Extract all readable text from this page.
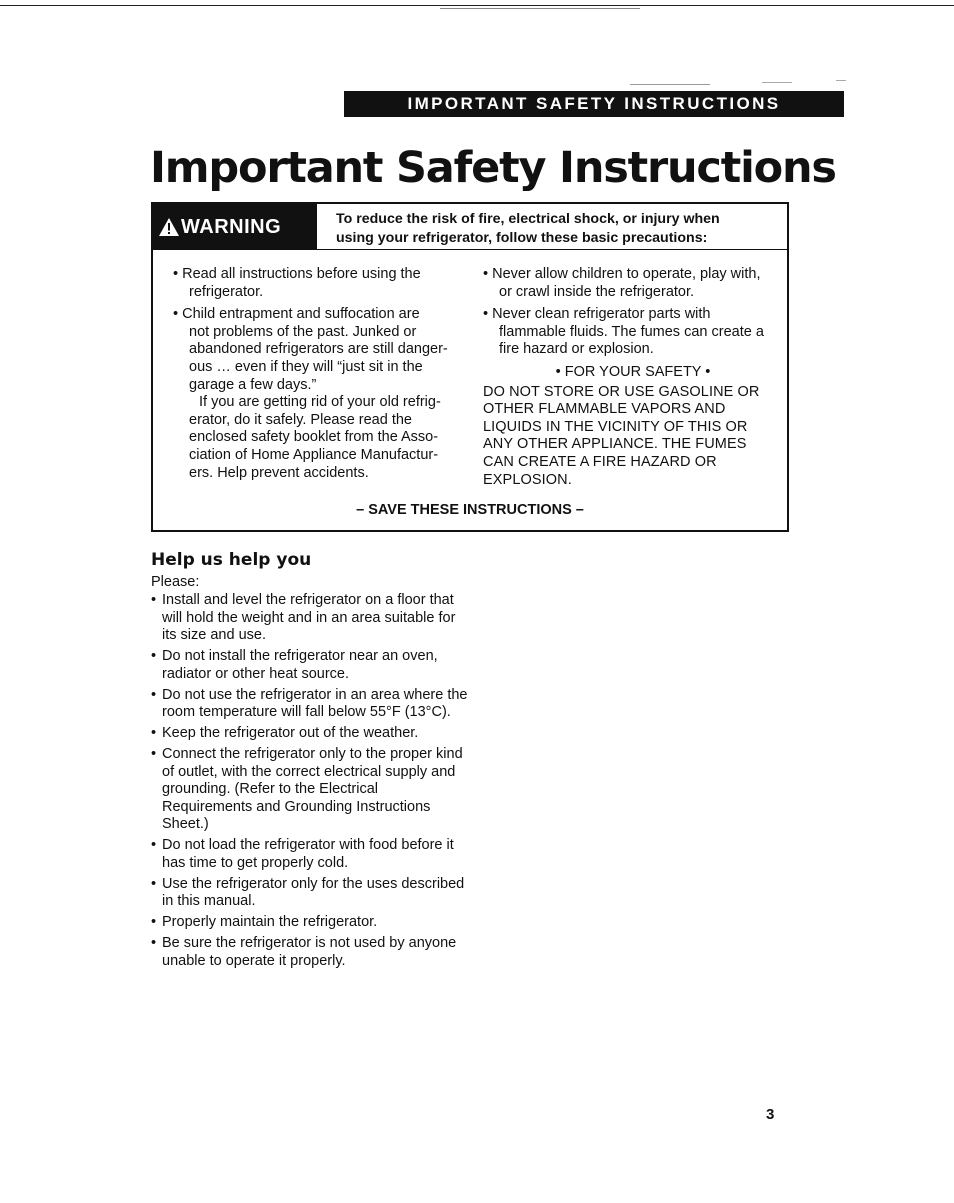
IMPORTANT SAFETY INSTRUCTIONS
Important Safety Instructions
WARNING	To reduce the risk of fire, electrical shock, or injury when
using your refrigerator, follow these basic precautions:

• Read all instructions before using the
refrigerator.

• Child entrapment and suffocation are
not problems of the past. Junked or
abandoned refrigerators are still danger-
ous … even if they will “just sit in the
garage a few days.”
If you are getting rid of your old refrig-
erator, do it safely. Please read the
enclosed safety booklet from the Asso-
ciation of Home Appliance Manufactur-
ers. Help prevent accidents.

• Never allow children to operate, play with,
or crawl inside the refrigerator.

• Never clean refrigerator parts with
flammable fluids. The fumes can create a
fire hazard or explosion.

• FOR YOUR SAFETY •

DO NOT STORE OR USE GASOLINE OR
OTHER FLAMMABLE VAPORS AND
LIQUIDS IN THE VICINITY OF THIS OR
ANY OTHER APPLIANCE. THE FUMES
CAN CREATE A FIRE HAZARD OR
EXPLOSION.

– SAVE THESE INSTRUCTIONS –
Help us help you
Please:
• Install and level the refrigerator on a floor that will hold the weight and in an area suitable for its size and use.
• Do not install the refrigerator near an oven, radiator or other heat source.
• Do not use the refrigerator in an area where the room temperature will fall below 55°F (13°C).
• Keep the refrigerator out of the weather.
• Connect the refrigerator only to the proper kind of outlet, with the correct electrical supply and grounding. (Refer to the Electrical Requirements and Grounding Instructions Sheet.)
• Do not load the refrigerator with food before it has time to get properly cold.
• Use the refrigerator only for the uses described in this manual.
• Properly maintain the refrigerator.
• Be sure the refrigerator is not used by anyone unable to operate it properly.
3
